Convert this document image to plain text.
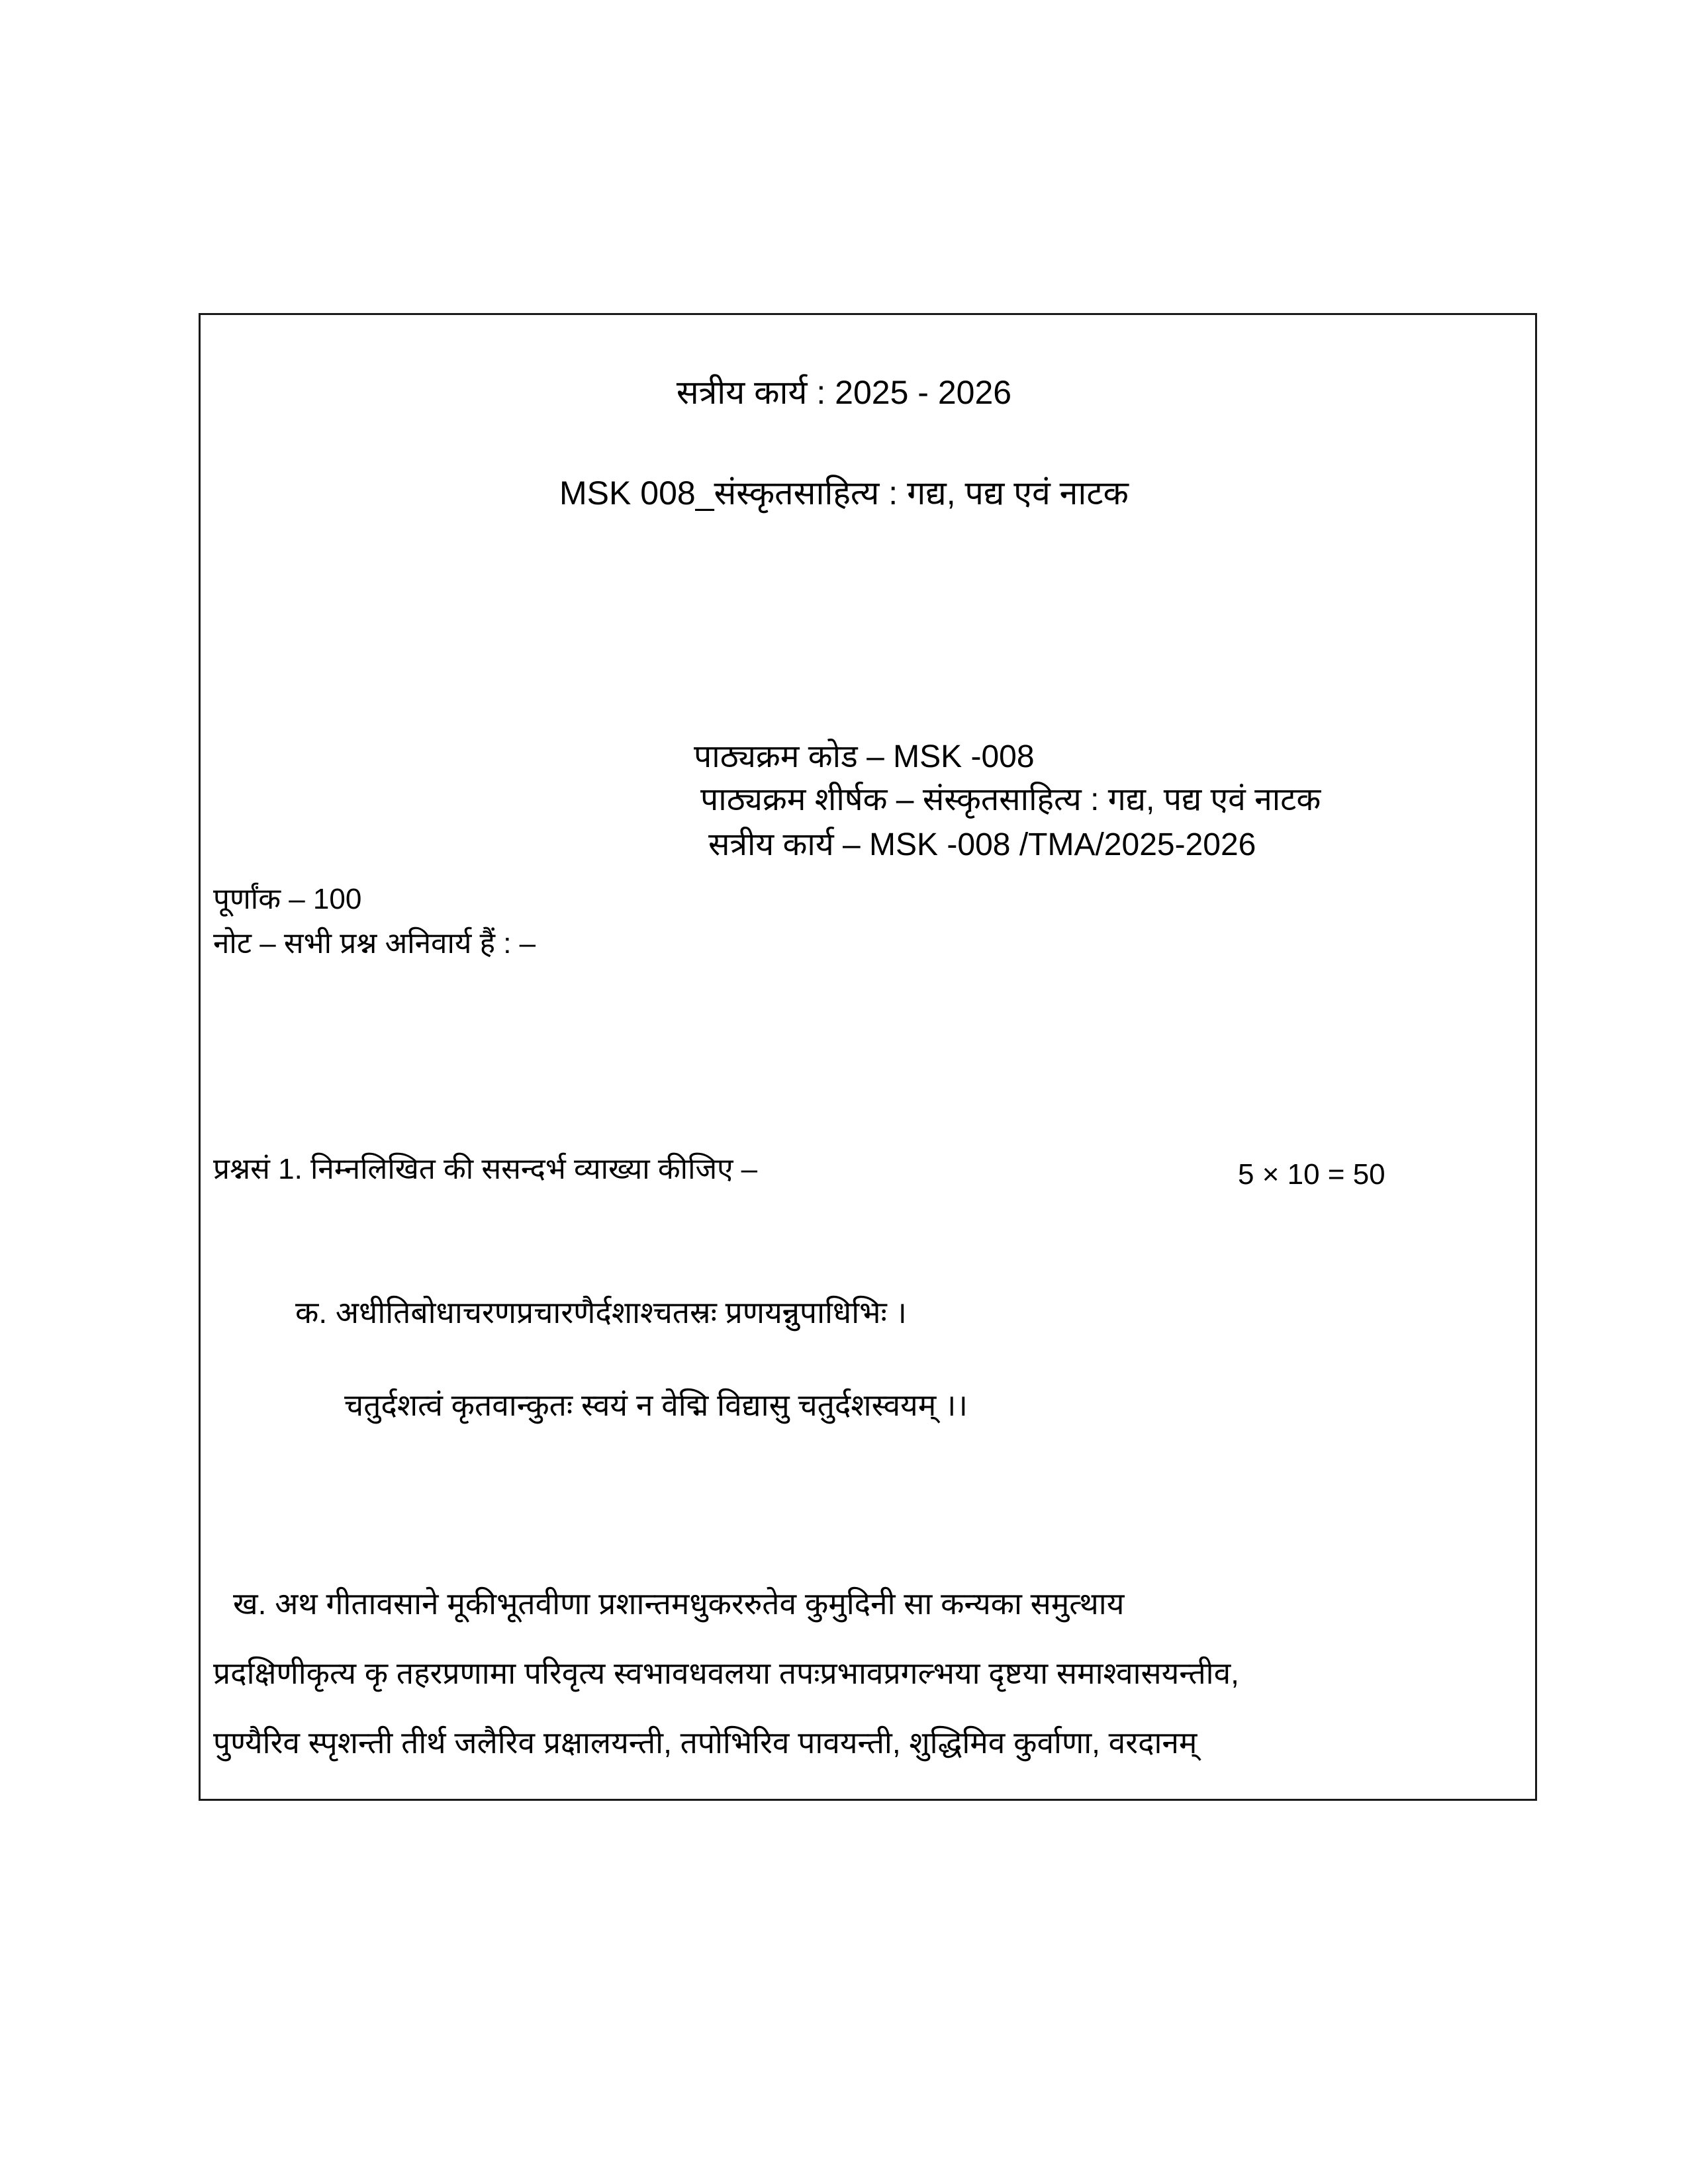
सत्रीय कार्य : 2025 - 2026
MSK 008_संस्कृतसाहित्य : गद्य, पद्य एवं नाटक
पाठ्यक्रम कोड – MSK -008
पाठ्यक्रम शीर्षक – संस्कृतसाहित्य : गद्य, पद्य एवं नाटक
सत्रीय कार्य – MSK -008 /TMA/2025-2026
पूर्णांक – 100
नोट – सभी प्रश्न अनिवार्य हैं : –
प्रश्नसं 1. निम्नलिखित की ससन्दर्भ व्याख्या कीजिए –	5 × 10 = 50
क. अधीतिबोधाचरणप्रचारणैर्दशाश्चतस्रः प्रणयन्नुपाधिभिः ।
चतुर्दशत्वं कृतवान्कुतः स्वयं न वेद्मि विद्यासु चतुर्दशस्वयम् ।।
ख. अथ गीतावसाने मूकीभूतवीणा प्रशान्तमधुकररुतेव कुमुदिनी सा कन्यका समुत्थाय
प्रदक्षिणीकृत्य कृ तहरप्रणामा परिवृत्य स्वभावधवलया तपःप्रभावप्रगल्भया दृष्टया समाश्वासयन्तीव,
पुण्यैरिव स्पृशन्ती तीर्थ जलैरिव प्रक्षालयन्ती, तपोभिरिव पावयन्ती, शुद्धिमिव कुर्वाणा, वरदानम्
